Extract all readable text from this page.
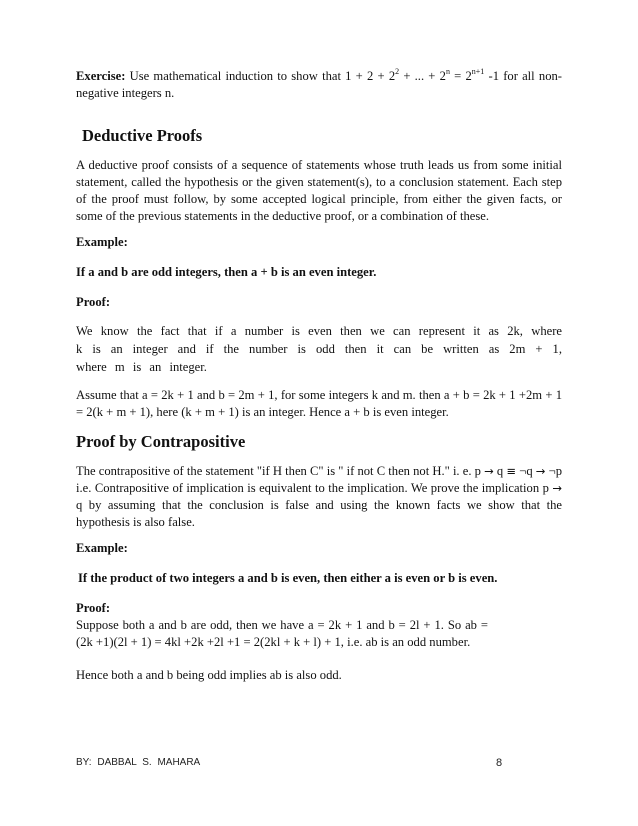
Exercise: Use mathematical induction to show that $1 + 2 + 2^2$ + ... + $2^n = 2^{n+1}$ -1 for all non-negative integers n.
Deductive Proofs
A deductive proof consists of a sequence of statements whose truth leads us from some initial statement, called the hypothesis or the given statement(s), to a conclusion statement. Each step of the proof must follow, by some accepted logical principle, from either the given facts, or some of the previous statements in the deductive proof, or a combination of these.
Example:
If a and b are odd integers, then a + b is an even integer.
Proof:
We know the fact that if a number is even then we can represent it as 2k, where k is an integer and if the number is odd then it can be written as 2m + 1, where m is an integer.
Assume that a = 2k + 1 and b = 2m + 1, for some integers k and m. then a + b = 2k + 1 +2m + 1 = 2(k + m + 1), here (k + m + 1) is an integer. Hence a + b is even integer.
Proof by Contrapositive
The contrapositive of the statement "if H then C" is " if not C then not H." i. e. p → q ≡ ¬q → ¬p i.e. Contrapositive of implication is equivalent to the implication. We prove the implication p → q by assuming that the conclusion is false and using the known facts we show that the hypothesis is also false.
Example:
If the product of two integers a and b is even, then either a is even or b is even.
Proof:
Suppose both a and b are odd, then we have a = 2k + 1 and b = 2l + 1. So ab = (2k +1)(2l + 1) = 4kl +2k +2l +1 = 2(2kl + k + l) + 1, i.e. ab is an odd number.
Hence both a and b being odd implies ab is also odd.
BY: DABBAL S. MAHARA	8
